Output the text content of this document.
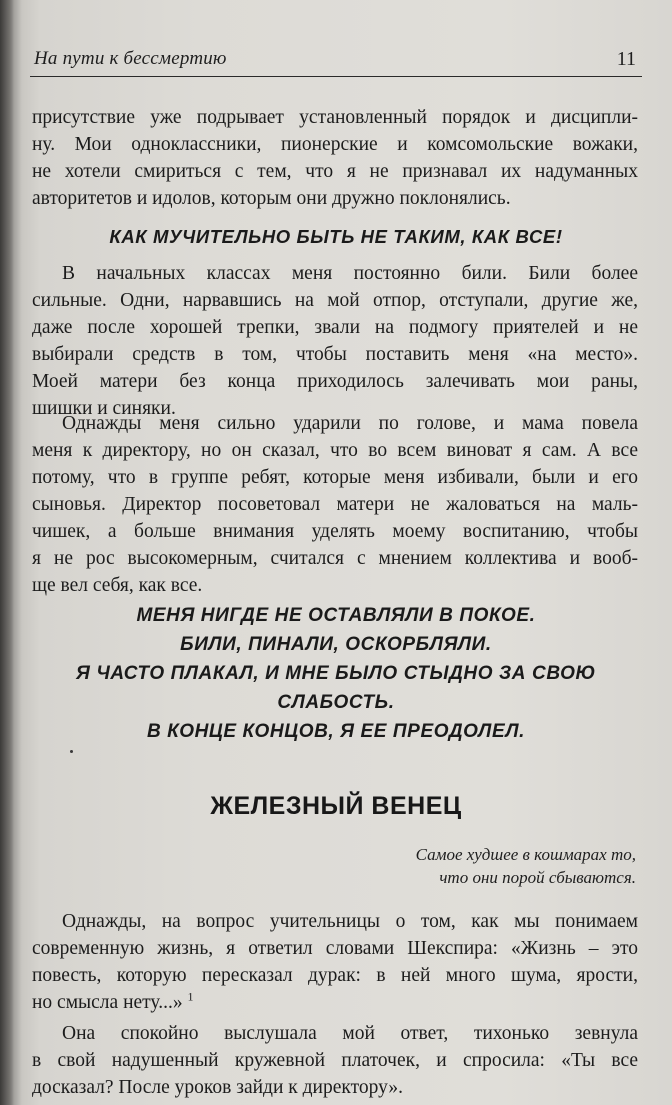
На пути к бессмертию	11
присутствие уже подрывает установленный порядок и дисципли-
ну. Мои одноклассники, пионерские и комсомольские вожаки,
не хотели смириться с тем, что я не признавал их надуманных
авторитетов и идолов, которым они дружно поклонялись.
КАК МУЧИТЕЛЬНО БЫТЬ НЕ ТАКИМ, КАК ВСЕ!
В начальных классах меня постоянно били. Били более
сильные. Одни, нарвавшись на мой отпор, отступали, другие же,
даже после хорошей трепки, звали на подмогу приятелей и не
выбирали средств в том, чтобы поставить меня «на место».
Моей матери без конца приходилось залечивать мои раны,
шишки и синяки.
Однажды меня сильно ударили по голове, и мама повела
меня к директору, но он сказал, что во всем виноват я сам. А все
потому, что в группе ребят, которые меня избивали, были и его
сыновья. Директор посоветовал матери не жаловаться на маль-
чишек, а больше внимания уделять моему воспитанию, чтобы
я не рос высокомерным, считался с мнением коллектива и вооб-
ще вел себя, как все.
МЕНЯ НИГДЕ НЕ ОСТАВЛЯЛИ В ПОКОЕ.
БИЛИ, ПИНАЛИ, ОСКОРБЛЯЛИ.
Я ЧАСТО ПЛАКАЛ, И МНЕ БЫЛО СТЫДНО ЗА СВОЮ
СЛАБОСТЬ.
В КОНЦЕ КОНЦОВ, Я ЕЕ ПРЕОДОЛЕЛ.
ЖЕЛЕЗНЫЙ ВЕНЕЦ
Самое худшее в кошмарах то,
что они порой сбываются.
Однажды, на вопрос учительницы о том, как мы понимаем
современную жизнь, я ответил словами Шекспира: «Жизнь – это
повесть, которую пересказал дурак: в ней много шума, ярости,
но смысла нету...» $^1$
Она спокойно выслушала мой ответ, тихонько зевнула
в свой надушенный кружевной платочек, и спросила: «Ты все
досказал? После уроков зайди к директору».
